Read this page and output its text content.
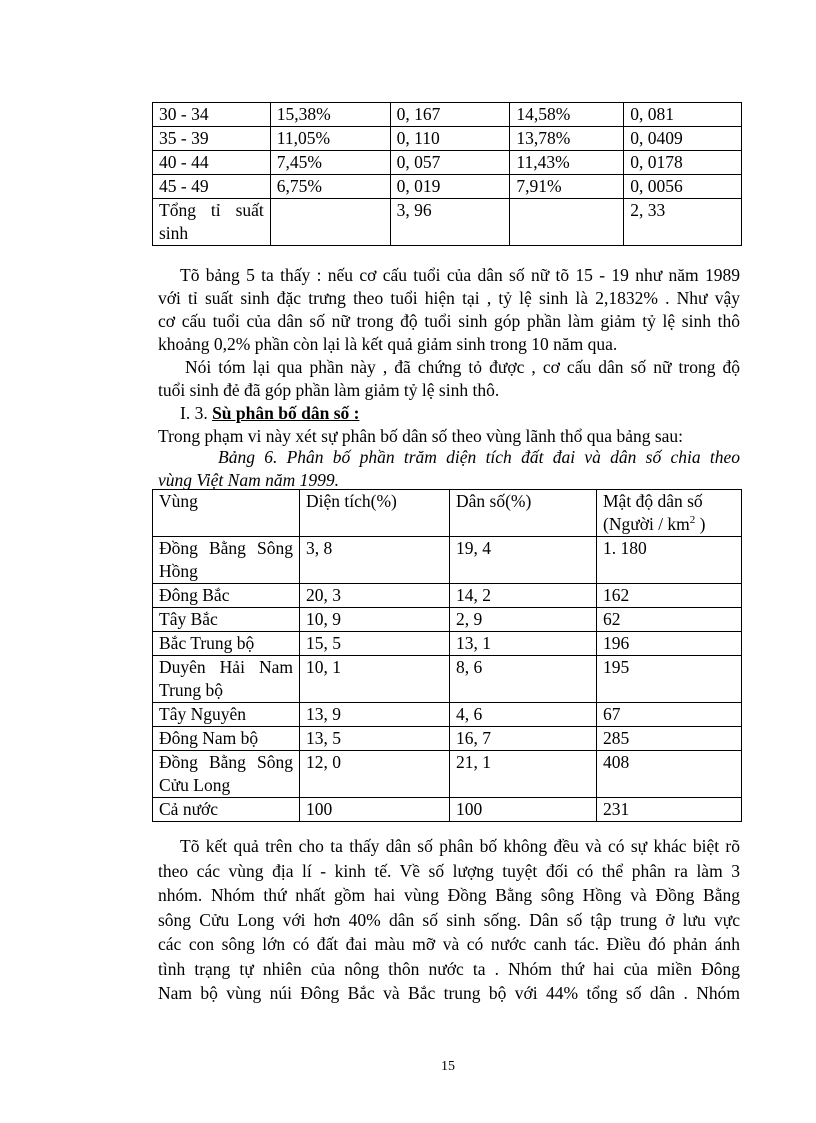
30 - 34	15,38%	0, 167	14,58%	0, 081
35 - 39	11,05%	0, 110	13,78%	0, 0409
40 - 44	7,45%	0, 057	11,43%	0, 0178
45 - 49	6,75%	0, 019	7,91%	0, 0056

Tổng tỉ suất
sinh		3, 96		2, 33
Tõ bảng 5 ta thấy : nếu cơ cấu tuổi của dân số nữ tõ 15 - 19 như năm 1989
với tỉ suất sinh đặc trưng theo tuổi hiện tại , tỷ lệ sinh là 2,1832% . Như vậy
cơ cấu tuổi của dân số nữ trong độ tuổi sinh góp phần làm giảm tỷ lệ sinh thô
khoảng 0,2% phần còn lại là kết quả giảm sinh trong 10 năm qua.
Nói tóm lại qua phần này , đã chứng tỏ được , cơ cấu dân số nữ trong độ
tuổi sinh đẻ đã góp phần làm giảm tỷ lệ sinh thô.
I. 3. Sù phân bố dân số :
Trong phạm vi này xét sự phân bố dân số theo vùng lãnh thổ qua bảng sau:
Bảng 6. Phân bố phần trăm diện tích đất đai và dân số chia theo
vùng Việt Nam năm 1999.
Vùng	Diện tích(%)	Dân số(%)	Mật độ dân số
(Người / $km^2$ )

Đồng Bằng Sông Hồng	3, 8	19, 4	1. 180
Đông Bắc	20, 3	14, 2	162
Tây Bắc	10, 9	2, 9	62
Bắc Trung bộ	15, 5	13, 1	196
Duyên Hải Nam Trung bộ	10, 1	8, 6	195
Tây Nguyên	13, 9	4, 6	67
Đông Nam bộ	13, 5	16, 7	285
Đồng Bằng Sông Cửu Long	12, 0	21, 1	408
Cả nước	100	100	231
Tõ kết quả trên cho ta thấy dân số phân bố không đều và có sự khác biệt rõ
theo các vùng địa lí - kinh tế. Về số lượng tuyệt đối có thể phân ra làm 3
nhóm. Nhóm thứ nhất gồm hai vùng Đồng Bằng sông Hồng và Đồng Bằng
sông Cửu Long với hơn 40% dân số sinh sống. Dân số tập trung ở lưu vực
các con sông lớn có đất đai màu mỡ và có nước canh tác. Điều đó phản ánh
tình trạng tự nhiên của nông thôn nước ta . Nhóm thứ hai của miền Đông
Nam bộ vùng núi Đông Bắc và Bắc trung bộ với 44% tổng số dân . Nhóm
15
